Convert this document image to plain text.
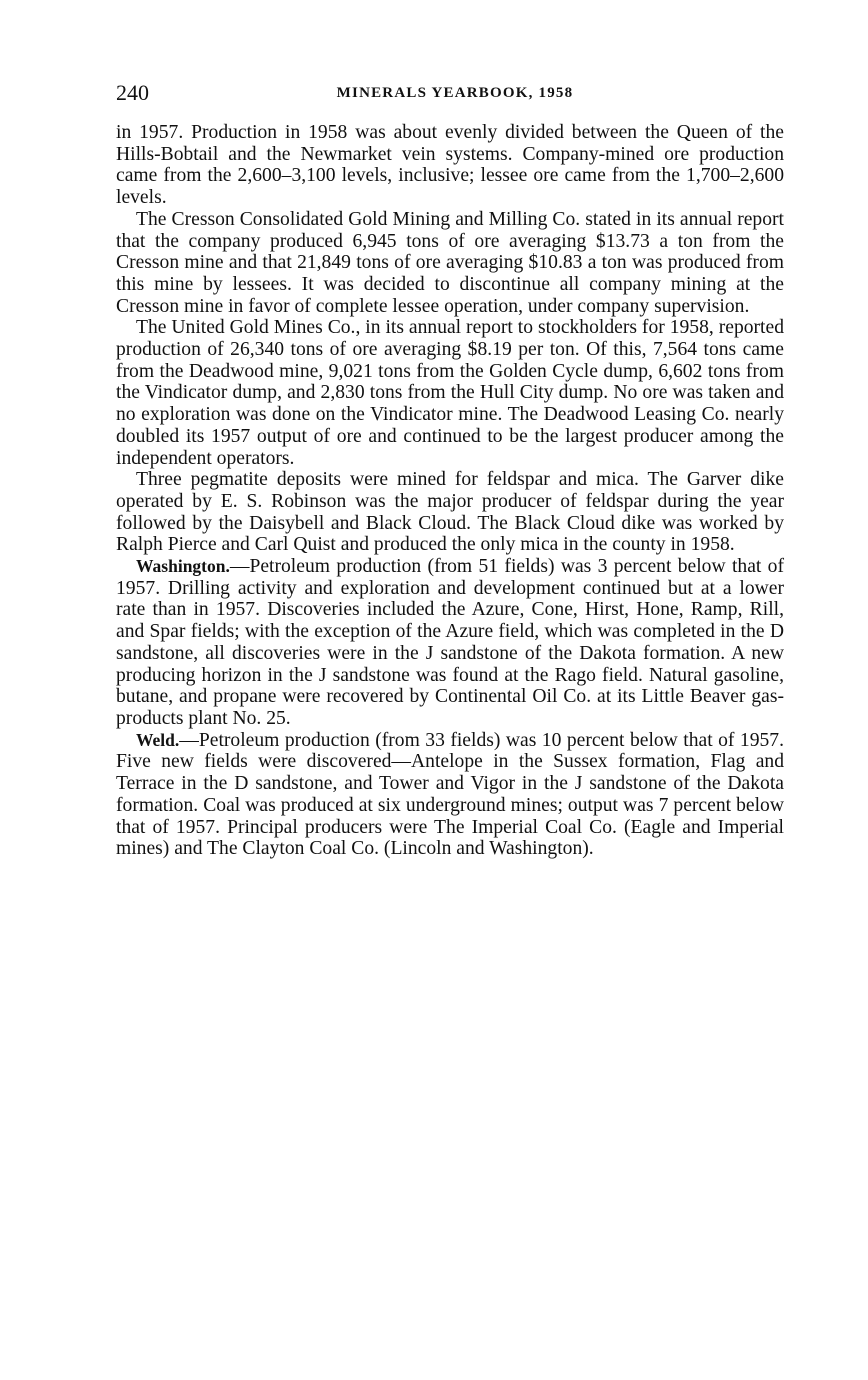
240	MINERALS YEARBOOK, 1958

in 1957. Production in 1958 was about evenly divided between the Queen of the Hills-Bobtail and the Newmarket vein systems. Company-mined ore production came from the 2,600–3,100 levels, inclusive; lessee ore came from the 1,700–2,600 levels.

The Cresson Consolidated Gold Mining and Milling Co. stated in its annual report that the company produced 6,945 tons of ore averaging $13.73 a ton from the Cresson mine and that 21,849 tons of ore averaging $10.83 a ton was produced from this mine by lessees. It was decided to discontinue all company mining at the Cresson mine in favor of complete lessee operation, under company supervision.

The United Gold Mines Co., in its annual report to stockholders for 1958, reported production of 26,340 tons of ore averaging $8.19 per ton. Of this, 7,564 tons came from the Deadwood mine, 9,021 tons from the Golden Cycle dump, 6,602 tons from the Vindicator dump, and 2,830 tons from the Hull City dump. No ore was taken and no exploration was done on the Vindicator mine. The Deadwood Leasing Co. nearly doubled its 1957 output of ore and continued to be the largest producer among the independent operators.

Three pegmatite deposits were mined for feldspar and mica. The Garver dike operated by E. S. Robinson was the major producer of feldspar during the year followed by the Daisybell and Black Cloud. The Black Cloud dike was worked by Ralph Pierce and Carl Quist and produced the only mica in the county in 1958.

Washington.—Petroleum production (from 51 fields) was 3 percent below that of 1957. Drilling activity and exploration and development continued but at a lower rate than in 1957. Discoveries included the Azure, Cone, Hirst, Hone, Ramp, Rill, and Spar fields; with the exception of the Azure field, which was completed in the D sandstone, all discoveries were in the J sandstone of the Dakota formation. A new producing horizon in the J sandstone was found at the Rago field. Natural gasoline, butane, and propane were recovered by Continental Oil Co. at its Little Beaver gas-products plant No. 25.

Weld.—Petroleum production (from 33 fields) was 10 percent below that of 1957. Five new fields were discovered—Antelope in the Sussex formation, Flag and Terrace in the D sandstone, and Tower and Vigor in the J sandstone of the Dakota formation. Coal was produced at six underground mines; output was 7 percent below that of 1957. Principal producers were The Imperial Coal Co. (Eagle and Imperial mines) and The Clayton Coal Co. (Lincoln and Washington).
